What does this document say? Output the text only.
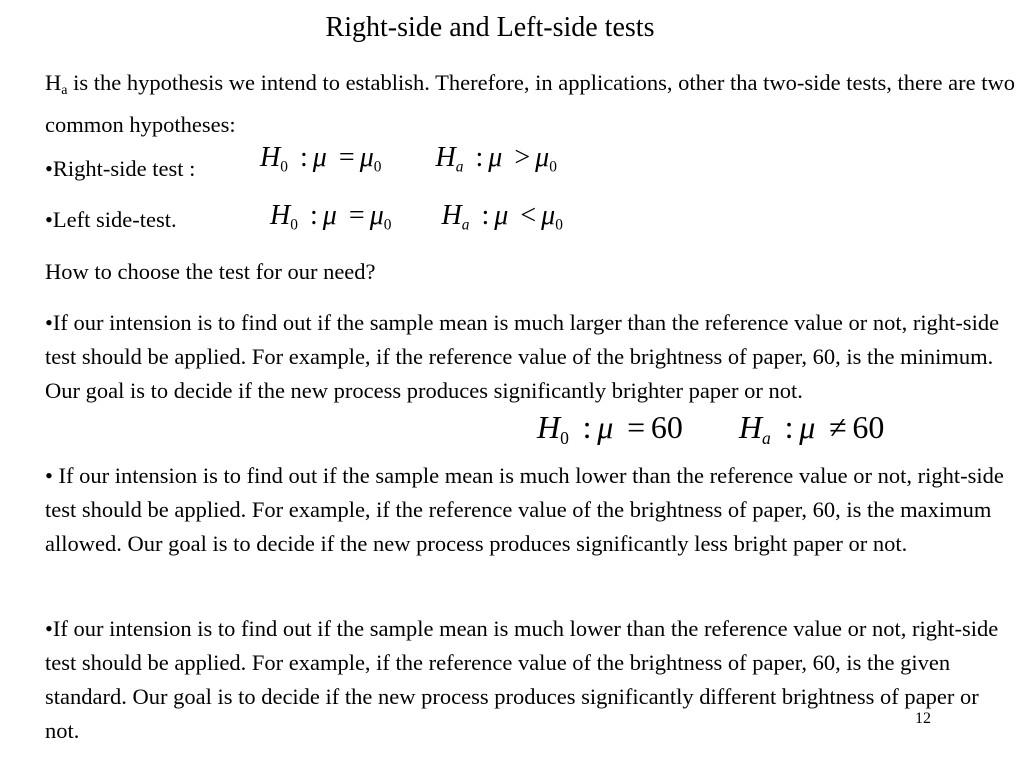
Right-side and Left-side tests

$H_a$ is the hypothesis we intend to establish. Therefore, in applications, other tha two-side tests, there are two common hypotheses:

•Right-side test :	H0 : μ = μ0 Ha : μ > μ0

•Left side-test.	H0 : μ = μ0 Ha : μ < μ0

How to choose the test for our need?

•If our intension is to find out if the sample mean is much larger than the reference value or not, right-side test should be applied. For example, if the reference value of the brightness of paper, 60, is the minimum. Our goal is to decide if the new process produces significantly brighter paper or not.

H0 : μ = 60 Ha : μ ≠ 60

• If our intension is to find out if the sample mean is much lower than the reference value or not, right-side test should be applied. For example, if the reference value of the brightness of paper, 60, is the maximum allowed. Our goal is to decide if the new process produces significantly less bright paper or not.

•If our intension is to find out if the sample mean is much lower than the reference value or not, right-side test should be applied. For example, if the reference value of the brightness of paper, 60, is the given standard. Our goal is to decide if the new process produces significantly different brightness of paper or not.	12
